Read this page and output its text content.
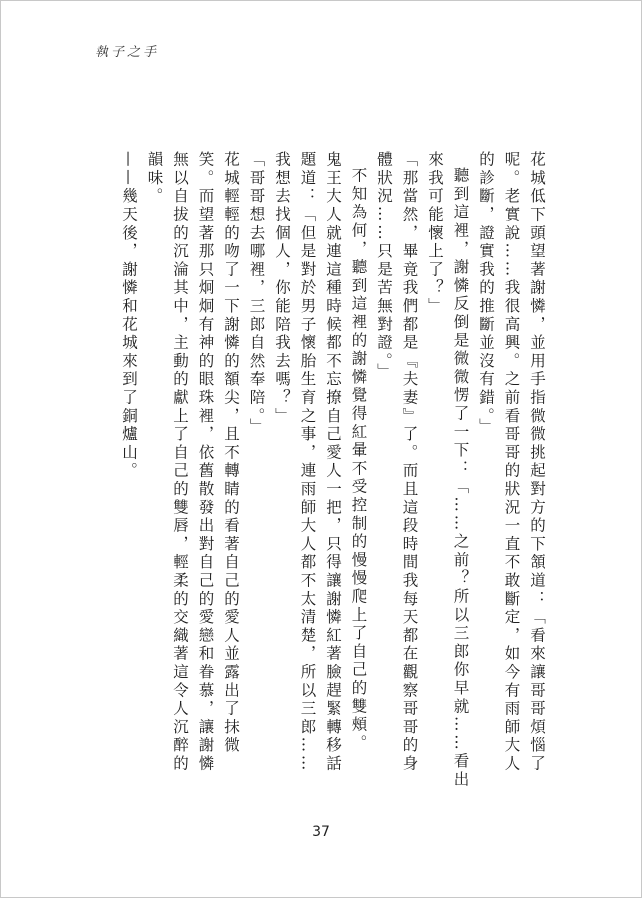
執子之手

花城低下頭望著謝憐，並用手指微微挑起對方的下頷道：「看來讓哥哥煩惱了呢。老實說……我很高興。之前看哥哥的狀況一直不敢斷定，如今有雨師大人的診斷，證實我的推斷並沒有錯。」

聽到這裡，謝憐反倒是微微愣了一下：「……之前？所以三郎你早就……看出來我可能懷上了？」

「那當然，畢竟我們都是『夫妻』了。而且這段時間我每天都在觀察哥哥的身體狀況……只是苦無對證。」

不知為何，聽到這裡的謝憐覺得紅暈不受控制的慢慢爬上了自己的雙頰。

鬼王大人就連這種時候都不忘撩自己愛人一把，只得讓謝憐紅著臉趕緊轉移話題道：「但是對於男子懷胎生育之事，連雨師大人都不太清楚，所以三郎……我想去找個人，你能陪我去嗎？」

「哥哥想去哪裡，三郎自然奉陪。」

花城輕輕的吻了一下謝憐的額尖，且不轉睛的看著自己的愛人並露出了抹微笑。而望著那只炯炯有神的眼珠裡，依舊散發出對自己的愛戀和眷慕，讓謝憐無以自拔的沉淪其中，主動的獻上了自己的雙唇，輕柔的交織著這令人沉醉的韻味。

——幾天後，謝憐和花城來到了銅爐山。

37
